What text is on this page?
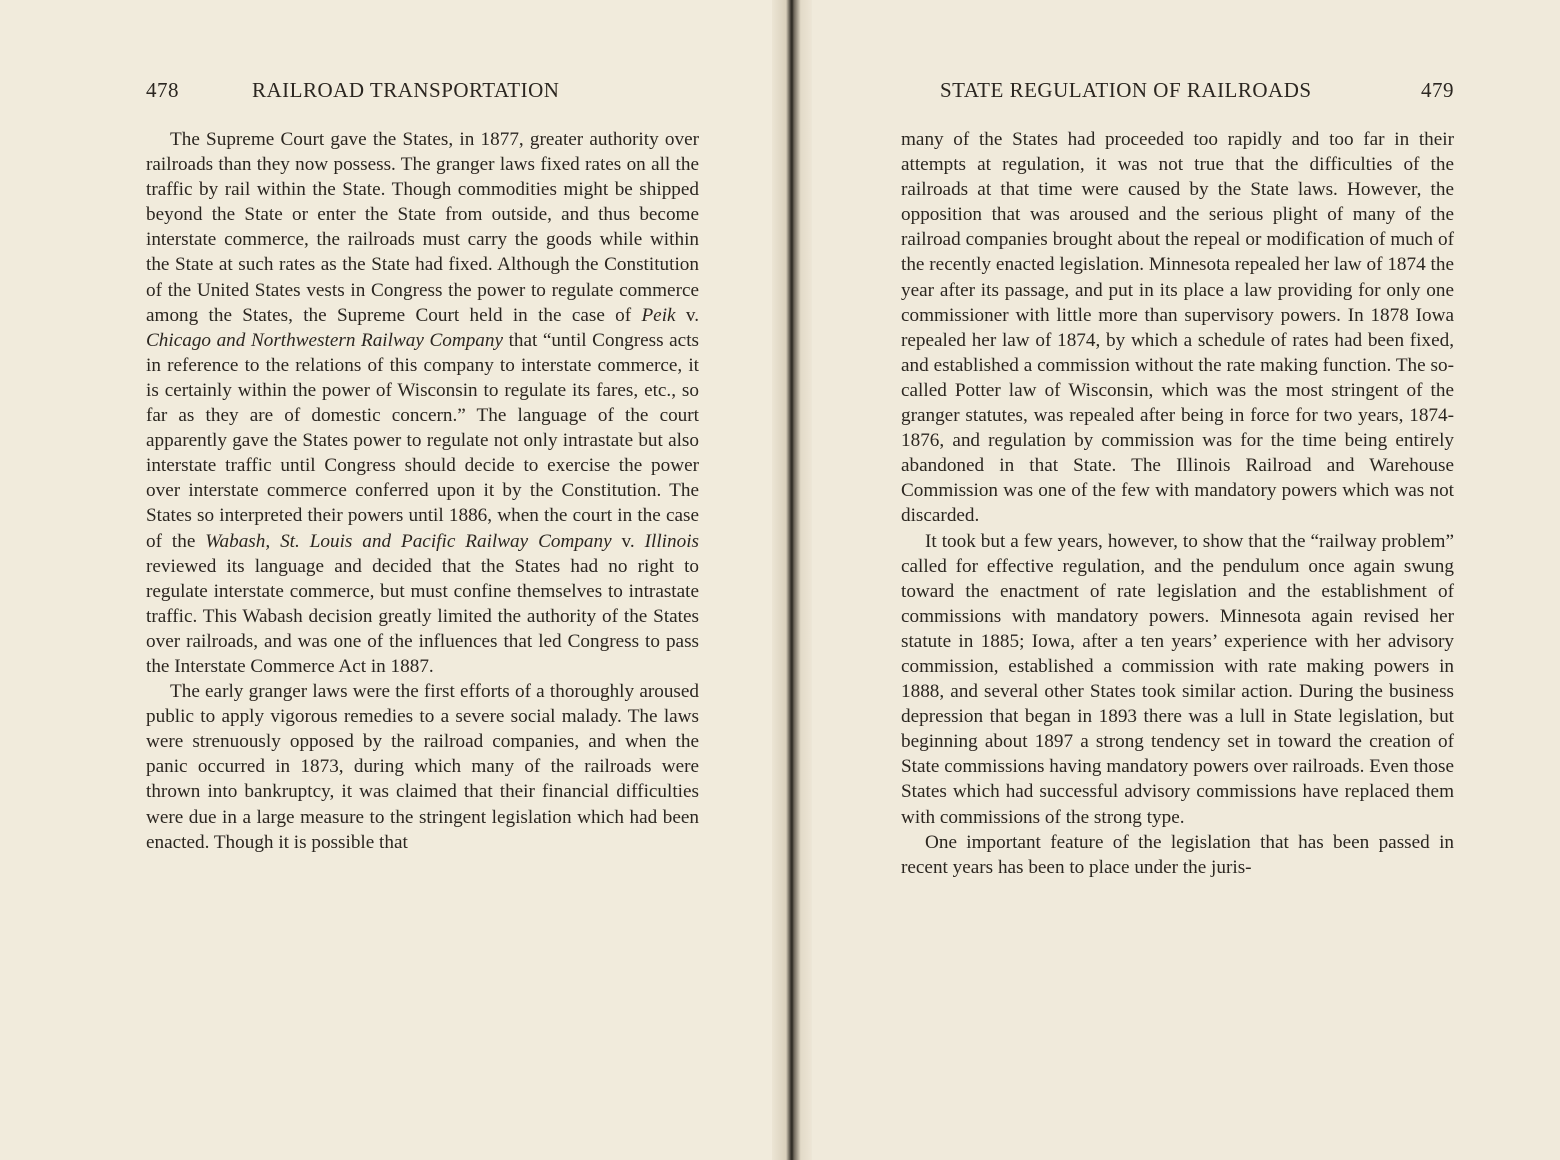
478	RAILROAD TRANSPORTATION

The Supreme Court gave the States, in 1877, greater authority over railroads than they now possess. The granger laws fixed rates on all the traffic by rail within the State. Though commodities might be shipped beyond the State or enter the State from outside, and thus become interstate commerce, the railroads must carry the goods while within the State at such rates as the State had fixed. Although the Constitution of the United States vests in Congress the power to regulate commerce among the States, the Supreme Court held in the case of Peik v. Chicago and Northwestern Railway Company that “until Congress acts in reference to the relations of this company to interstate commerce, it is certainly within the power of Wisconsin to regulate its fares, etc., so far as they are of domestic concern.” The language of the court apparently gave the States power to regulate not only intrastate but also interstate traffic until Congress should decide to exercise the power over interstate commerce conferred upon it by the Constitution. The States so interpreted their powers until 1886, when the court in the case of the Wabash, St. Louis and Pacific Railway Company v. Illinois reviewed its language and decided that the States had no right to regulate interstate commerce, but must confine themselves to intrastate traffic. This Wabash decision greatly limited the authority of the States over railroads, and was one of the influences that led Congress to pass the Interstate Commerce Act in 1887.

The early granger laws were the first efforts of a thoroughly aroused public to apply vigorous remedies to a severe social malady. The laws were strenuously opposed by the railroad companies, and when the panic occurred in 1873, during which many of the railroads were thrown into bankruptcy, it was claimed that their financial difficulties were due in a large measure to the stringent legislation which had been enacted. Though it is possible that

STATE REGULATION OF RAILROADS	479

many of the States had proceeded too rapidly and too far in their attempts at regulation, it was not true that the difficulties of the railroads at that time were caused by the State laws. However, the opposition that was aroused and the serious plight of many of the railroad companies brought about the repeal or modification of much of the recently enacted legislation. Minnesota repealed her law of 1874 the year after its passage, and put in its place a law providing for only one commissioner with little more than supervisory powers. In 1878 Iowa repealed her law of 1874, by which a schedule of rates had been fixed, and established a commission without the rate making function. The so-called Potter law of Wisconsin, which was the most stringent of the granger statutes, was repealed after being in force for two years, 1874-1876, and regulation by commission was for the time being entirely abandoned in that State. The Illinois Railroad and Warehouse Commission was one of the few with mandatory powers which was not discarded.

It took but a few years, however, to show that the “railway problem” called for effective regulation, and the pendulum once again swung toward the enactment of rate legislation and the establishment of commissions with mandatory powers. Minnesota again revised her statute in 1885; Iowa, after a ten years’ experience with her advisory commission, established a commission with rate making powers in 1888, and several other States took similar action. During the business depression that began in 1893 there was a lull in State legislation, but beginning about 1897 a strong tendency set in toward the creation of State commissions having mandatory powers over railroads. Even those States which had successful advisory commissions have replaced them with commissions of the strong type.

One important feature of the legislation that has been passed in recent years has been to place under the juris-
